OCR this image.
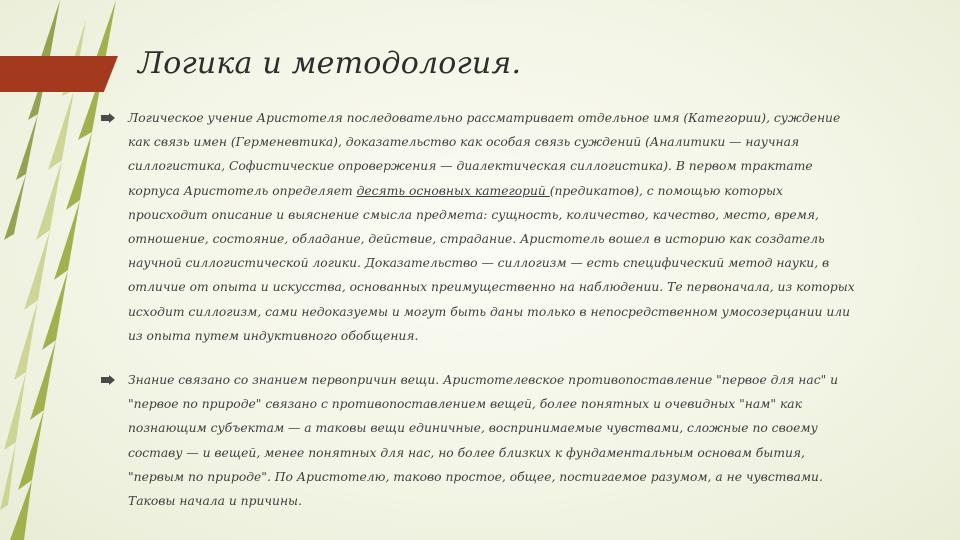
Логика и методология.

Логическое учение Аристотеля последовательно рассматривает отдельное имя (Категории), суждение как связь имен (Герменевтика), доказательство как особая связь суждений (Аналитики — научная силлогистика, Софистические опровержения — диалектическая силлогистика). В первом трактате корпуса Аристотель определяет десять основных категорий (предикатов), с помощью которых происходит описание и выяснение смысла предмета: сущность, количество, качество, место, время, отношение, состояние, обладание, действие, страдание. Аристотель вошел в историю как создатель научной силлогистической логики. Доказательство — силлогизм — есть специфический метод науки, в отличие от опыта и искусства, основанных преимущественно на наблюдении. Те первоначала, из которых исходит силлогизм, сами недоказуемы и могут быть даны только в непосредственном умосозерцании или из опыта путем индуктивного обобщения.

Знание связано со знанием первопричин вещи. Аристотелевское противопоставление "первое для нас" и "первое по природе" связано с противопоставлением вещей, более понятных и очевидных "нам" как познающим субъектам — а таковы вещи единичные, воспринимаемые чувствами, сложные по своему составу — и вещей, менее понятных для нас, но более близких к фундаментальным основам бытия, "первым по природе". По Аристотелю, таково простое, общее, постигаемое разумом, а не чувствами. Таковы начала и причины.
